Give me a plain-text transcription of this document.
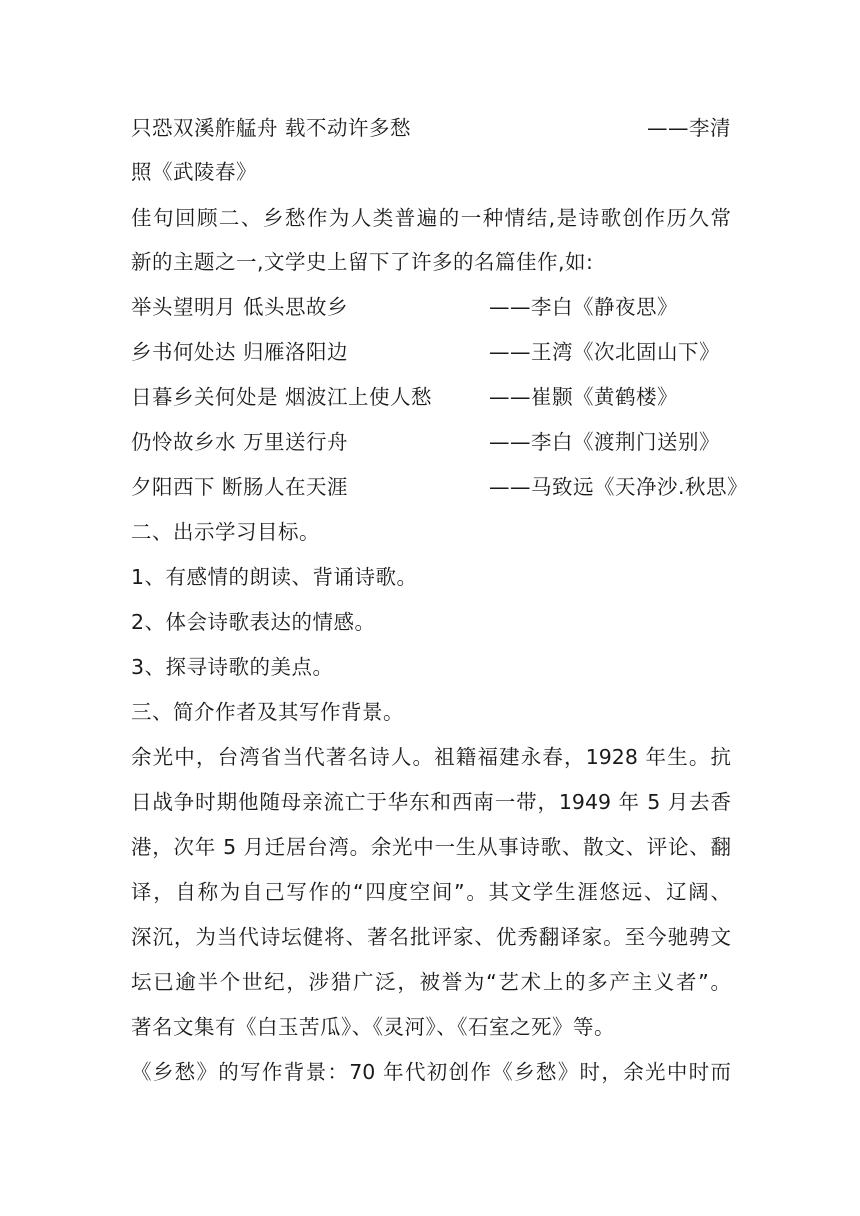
只恐双溪舴艋舟 载不动许多愁	——李清
照《武陵春》
佳句回顾二、乡愁作为人类普遍的一种情结,是诗歌创作历久常
新的主题之一,文学史上留下了许多的名篇佳作,如:
举头望明月 低头思故乡	——李白《静夜思》
乡书何处达 归雁洛阳边	——王湾《次北固山下》
日暮乡关何处是 烟波江上使人愁	——崔颢《黄鹤楼》
仍怜故乡水 万里送行舟	——李白《渡荆门送别》
夕阳西下 断肠人在天涯	——马致远《天净沙.秋思》
二、出示学习目标。
1、有感情的朗读、背诵诗歌。
2、体会诗歌表达的情感。
3、探寻诗歌的美点。
三、简介作者及其写作背景。
余光中，台湾省当代著名诗人。祖籍福建永春，1928 年生。抗
日战争时期他随母亲流亡于华东和西南一带，1949 年 5 月去香
港，次年 5 月迁居台湾。余光中一生从事诗歌、散文、评论、翻
译，自称为自己写作的“四度空间”。其文学生涯悠远、辽阔、
深沉，为当代诗坛健将、著名批评家、优秀翻译家。至今驰骋文
坛已逾半个世纪，涉猎广泛，被誉为“艺术上的多产主义者”。
著名文集有《白玉苦瓜》、《灵河》、《石室之死》等。
《乡愁》的写作背景：70 年代初创作《乡愁》时，余光中时而
